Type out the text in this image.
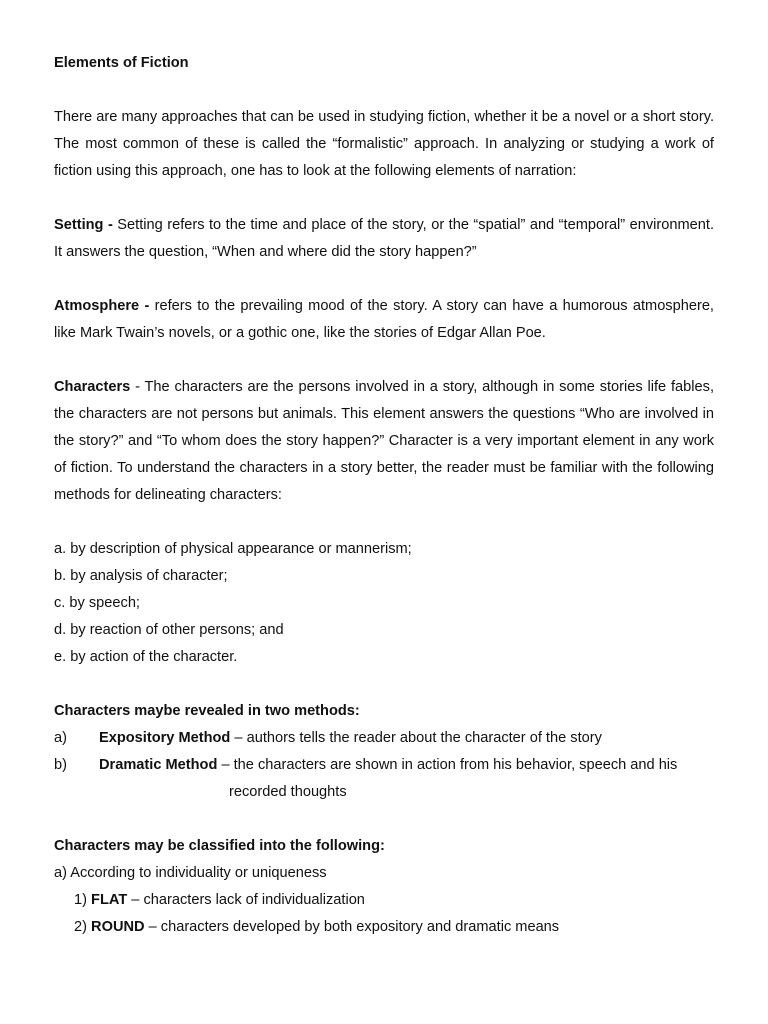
Elements of Fiction

There are many approaches that can be used in studying fiction, whether it be a novel or a short story. The most common of these is called the “formalistic” approach. In analyzing or studying a work of fiction using this approach, one has to look at the following elements of narration:

Setting - Setting refers to the time and place of the story, or the “spatial” and “temporal” environment. It answers the question, “When and where did the story happen?”

Atmosphere - refers to the prevailing mood of the story. A story can have a humorous atmosphere, like Mark Twain’s novels, or a gothic one, like the stories of Edgar Allan Poe.

Characters - The characters are the persons involved in a story, although in some stories life fables, the characters are not persons but animals. This element answers the questions “Who are involved in the story?” and “To whom does the story happen?” Character is a very important element in any work of fiction. To understand the characters in a story better, the reader must be familiar with the following methods for delineating characters:

a. by description of physical appearance or mannerism;
b. by analysis of character;
c. by speech;
d. by reaction of other persons; and
e. by action of the character.
Characters maybe revealed in two methods:
a)	Expository Method – authors tells the reader about the character of the story
b)	Dramatic Method – the characters are shown in action from his behavior, speech and his
recorded thoughts
Characters may be classified into the following:
a) According to individuality or uniqueness
1) FLAT – characters lack of individualization
2) ROUND – characters developed by both expository and dramatic means
